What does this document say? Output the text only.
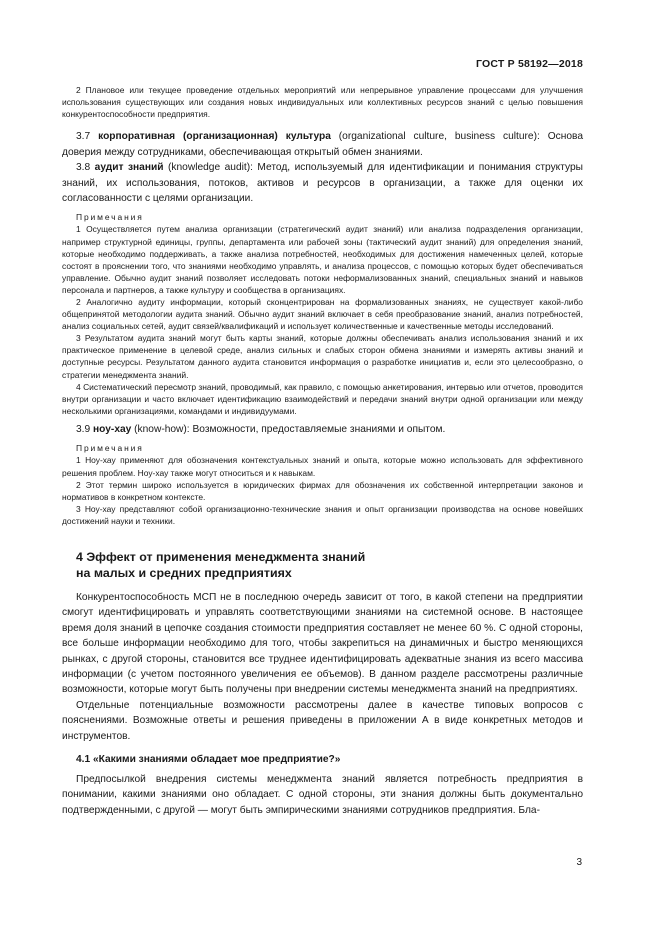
ГОСТ Р 58192—2018

2 Плановое или текущее проведение отдельных мероприятий или непрерывное управление процессами для улучшения использования существующих или создания новых индивидуальных или коллективных ресурсов знаний с целью повышения конкурентоспособности предприятия.

3.7 корпоративная (организационная) культура (organizational culture, business culture): Основа доверия между сотрудниками, обеспечивающая открытый обмен знаниями.

3.8 аудит знаний (knowledge audit): Метод, используемый для идентификации и понимания структуры знаний, их использования, потоков, активов и ресурсов в организации, а также для оценки их согласованности с целями организации.

Примечания

1 Осуществляется путем анализа организации (стратегический аудит знаний) или анализа подразделения организации, например структурной единицы, группы, департамента или рабочей зоны (тактический аудит знаний) для определения знаний, которые необходимо поддерживать, а также анализа потребностей, необходимых для достижения намеченных целей, которые состоят в прояснении того, что знаниями необходимо управлять, и анализа процессов, с помощью которых будет обеспечиваться управление. Обычно аудит знаний позволяет исследовать потоки неформализованных знаний, специальных знаний и навыков персонала и партнеров, а также культуру и сообщества в организациях.

2 Аналогично аудиту информации, который сконцентрирован на формализованных знаниях, не существует какой-либо общепринятой методологии аудита знаний. Обычно аудит знаний включает в себя преобразование знаний, анализ потребностей, анализ социальных сетей, аудит связей/квалификаций и использует количественные и качественные методы исследований.

3 Результатом аудита знаний могут быть карты знаний, которые должны обеспечивать анализ использования знаний и их практическое применение в целевой среде, анализ сильных и слабых сторон обмена знаниями и измерять активы знаний и доступные ресурсы. Результатом данного аудита становится информация о разработке инициатив и, если это целесообразно, о стратегии менеджмента знаний.

4 Систематический пересмотр знаний, проводимый, как правило, с помощью анкетирования, интервью или отчетов, проводится внутри организации и часто включает идентификацию взаимодействий и передачи знаний внутри одной организации или между несколькими организациями, командами и индивидуумами.

3.9 ноу-хау (know-how): Возможности, предоставляемые знаниями и опытом.

Примечания

1 Ноу-хау применяют для обозначения контекстуальных знаний и опыта, которые можно использовать для эффективного решения проблем. Ноу-хау также могут относиться и к навыкам.

2 Этот термин широко используется в юридических фирмах для обозначения их собственной интерпретации законов и нормативов в конкретном контексте.

3 Ноу-хау представляют собой организационно-технические знания и опыт организации производства на основе новейших достижений науки и техники.

4 Эффект от применения менеджмента знаний
на малых и средних предприятиях

Конкурентоспособность МСП не в последнюю очередь зависит от того, в какой степени на предприятии смогут идентифицировать и управлять соответствующими знаниями на системной основе. В настоящее время доля знаний в цепочке создания стоимости предприятия составляет не менее 60 %. С одной стороны, все больше информации необходимо для того, чтобы закрепиться на динамичных и быстро меняющихся рынках, с другой стороны, становится все труднее идентифицировать адекватные знания из всего массива информации (с учетом постоянного увеличения ее объемов). В данном разделе рассмотрены различные возможности, которые могут быть получены при внедрении системы менеджмента знаний на предприятиях.

Отдельные потенциальные возможности рассмотрены далее в качестве типовых вопросов с пояснениями. Возможные ответы и решения приведены в приложении А в виде конкретных методов и инструментов.

4.1 «Какими знаниями обладает мое предприятие?»

Предпосылкой внедрения системы менеджмента знаний является потребность предприятия в понимании, какими знаниями оно обладает. С одной стороны, эти знания должны быть документально подтвержденными, с другой — могут быть эмпирическими знаниями сотрудников предприятия. Бла-

3
